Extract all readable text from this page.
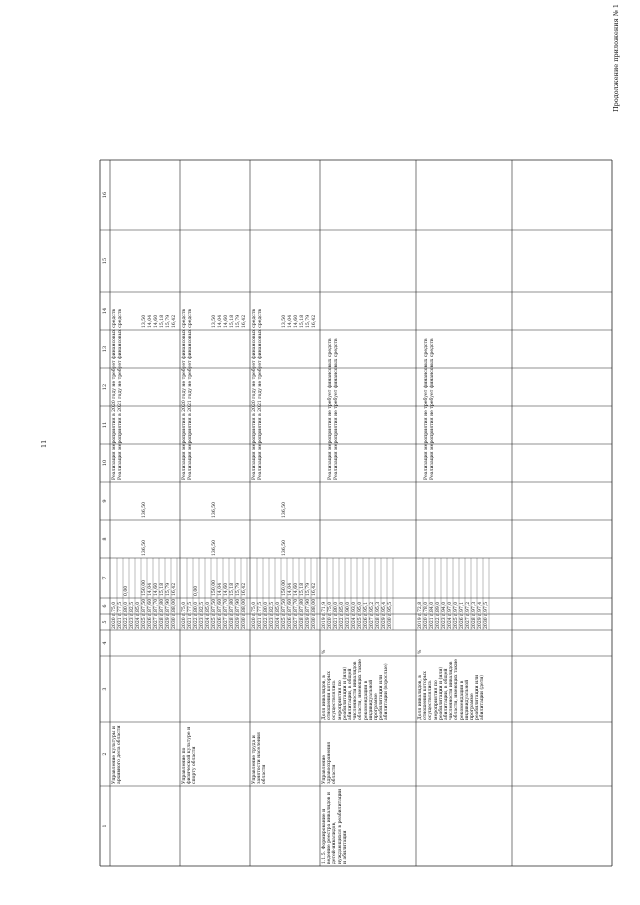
11
Продолжение приложения № 1
1
2
3
4
5
6
7
8
9
10
11
12
13
14
15
16
Управление культуры и архивного дела области
2020 г.
75,0
Реализация мероприятия в 2020 году не требует финансовых средств
2021 г.
77,5
Реализация мероприятия в 2021 году не требует финансовых средств
2022 г.
80,0
0,00
2023 г.
82,5
2024 г.
85,0
2025 г.
87,50
150,00
136,50
136,50
13,50
2026 г.
87,60
14,04
14,04
2027 г.
87,70
14,60
14,60
2028 г.
87,80
15,18
15,18
2029 г.
87,90
15,79
15,79
2030 г.
88,00
16,42
16,42
Управление по физической культуре и спорту области
2020 г.
75,0
Реализация мероприятия в 2020 году не требует финансовых средств
2021 г.
77,5
Реализация мероприятия в 2021 году не требует финансовых средств
2022 г.
80,0
0,00
2023 г.
82,5
2024 г.
85,0
2025 г.
87,50
150,00
136,50
136,50
13,50
2026 г.
87,60
14,04
14,04
2027 г.
87,70
14,60
14,60
2028 г.
87,80
15,18
15,18
2029 г.
87,90
15,79
15,79
2030 г.
88,00
16,42
16,42
Управление труда и занятости населения области
2020 г.
75,0
Реализация мероприятия в 2020 году не требует финансовых средств
2021 г.
77,5
Реализация мероприятия в 2021 году не требует финансовых средств
2022 г.
80,0
2023 г.
82,5
2024 г.
85,0
2025 г.
87,50
150,00
136,50
136,50
13,50
2026 г.
87,60
14,04
14,04
2027 г.
87,70
14,60
14,60
2028 г.
87,80
15,18
15,18
2029 г.
87,90
15,79
15,79
2030 г.
88,00
16,42
16,42
1.1.5. Формирование и ведение реестра инвалидов и детей-инвалидов, нуждающихся в реабилитации и абилитации
Управление здравоохранения области
Доля инвалидов, в отношении которых осуществлялись мероприятия по реабилитации и (или) абилитации, в общей численности инвалидов области, имеющих такие рекомендации в индивидуальной программе реабилитации или абилитации (взрослые)
%
2019 г.
71,9
2020 г.
75,0
Реализация мероприятия не требует финансовых средств
2021 г.
80,0
Реализация мероприятия не требует финансовых средств
2022 г.
85,0
2023 г.
90,0
2024 г.
93,0
2025 г.
95,0
2026 г.
95,1
2027 г.
95,2
2028 г.
95,3
2029 г.
95,4
2030 г.
95,5
Доля инвалидов, в отношении которых осуществлялись мероприятия по реабилитации и (или) абилитации, в общей численности инвалидов области, имеющих такие рекомендации в индивидуальной программе реабилитации или абилитации (дети)
%
2019 г.
72,8
2020 г.
78,0
Реализация мероприятия не требует финансовых средств
2021 г.
84,0
Реализация мероприятия не требует финансовых средств
2022 г.
89,0
2023 г.
94,0
2024 г.
97,0
2025 г.
97,0
2026 г.
97,1
2027 г.
97,2
2028 г.
97,3
2029 г.
97,4
2030 г.
97,5
